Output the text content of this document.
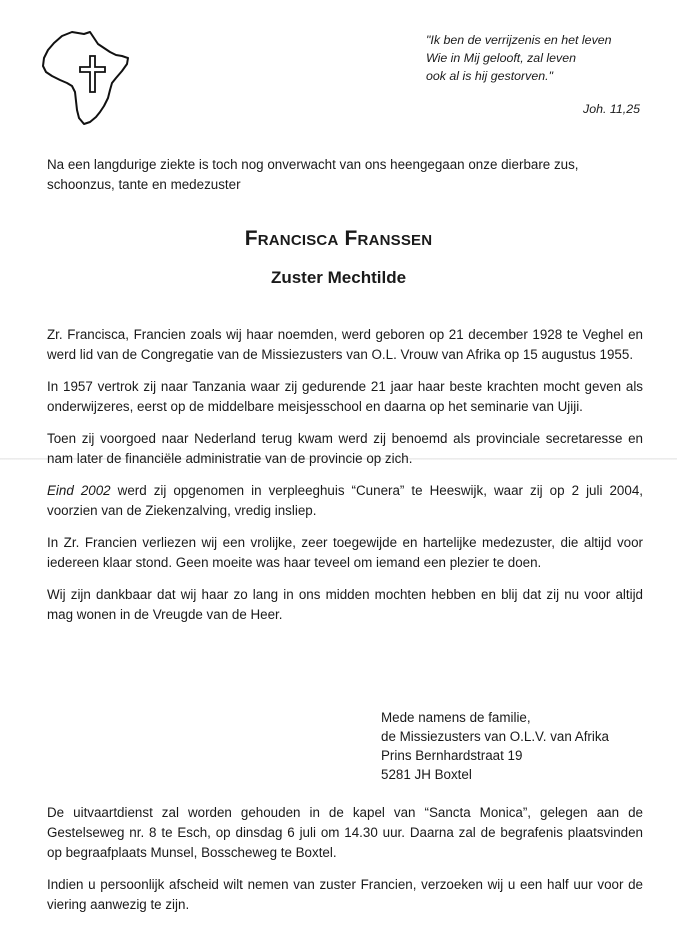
"Ik ben de verrijzenis en het leven

Wie in Mij gelooft, zal leven

ook al is hij gestorven."

Joh. 11,25

Na een langdurige ziekte is toch nog onverwacht van ons heengegaan onze dierbare zus, schoonzus, tante en medezuster

Francisca Franssen
Zuster Mechtilde

Zr. Francisca, Francien zoals wij haar noemden, werd geboren op 21 december 1928 te Veghel en werd lid van de Congregatie van de Missiezusters van O.L. Vrouw van Afrika op 15 augustus 1955.

In 1957 vertrok zij naar Tanzania waar zij gedurende 21 jaar haar beste krachten mocht geven als onderwijzeres, eerst op de middelbare meisjesschool en daarna op het seminarie van Ujiji.

Toen zij voorgoed naar Nederland terug kwam werd zij benoemd als provinciale secretaresse en nam later de financiële administratie van de provincie op zich.

Eind 2002 werd zij opgenomen in verpleeghuis “Cunera” te Heeswijk, waar zij op 2 juli 2004, voorzien van de Ziekenzalving, vredig insliep.

In Zr. Francien verliezen wij een vrolijke, zeer toegewijde en hartelijke medezuster, die altijd voor iedereen klaar stond. Geen moeite was haar teveel om iemand een plezier te doen.

Wij zijn dankbaar dat wij haar zo lang in ons midden mochten hebben en blij dat zij nu voor altijd mag wonen in de Vreugde van de Heer.

Mede namens de familie,
de Missiezusters van O.L.V. van Afrika
Prins Bernhardstraat 19
5281 JH Boxtel

De uitvaartdienst zal worden gehouden in de kapel van “Sancta Monica”, gelegen aan de Gestelseweg nr. 8 te Esch, op dinsdag 6 juli om 14.30 uur. Daarna zal de begrafenis plaatsvinden op begraafplaats Munsel, Bosscheweg te Boxtel.

Indien u persoonlijk afscheid wilt nemen van zuster Francien, verzoeken wij u een half uur voor de viering aanwezig te zijn.
